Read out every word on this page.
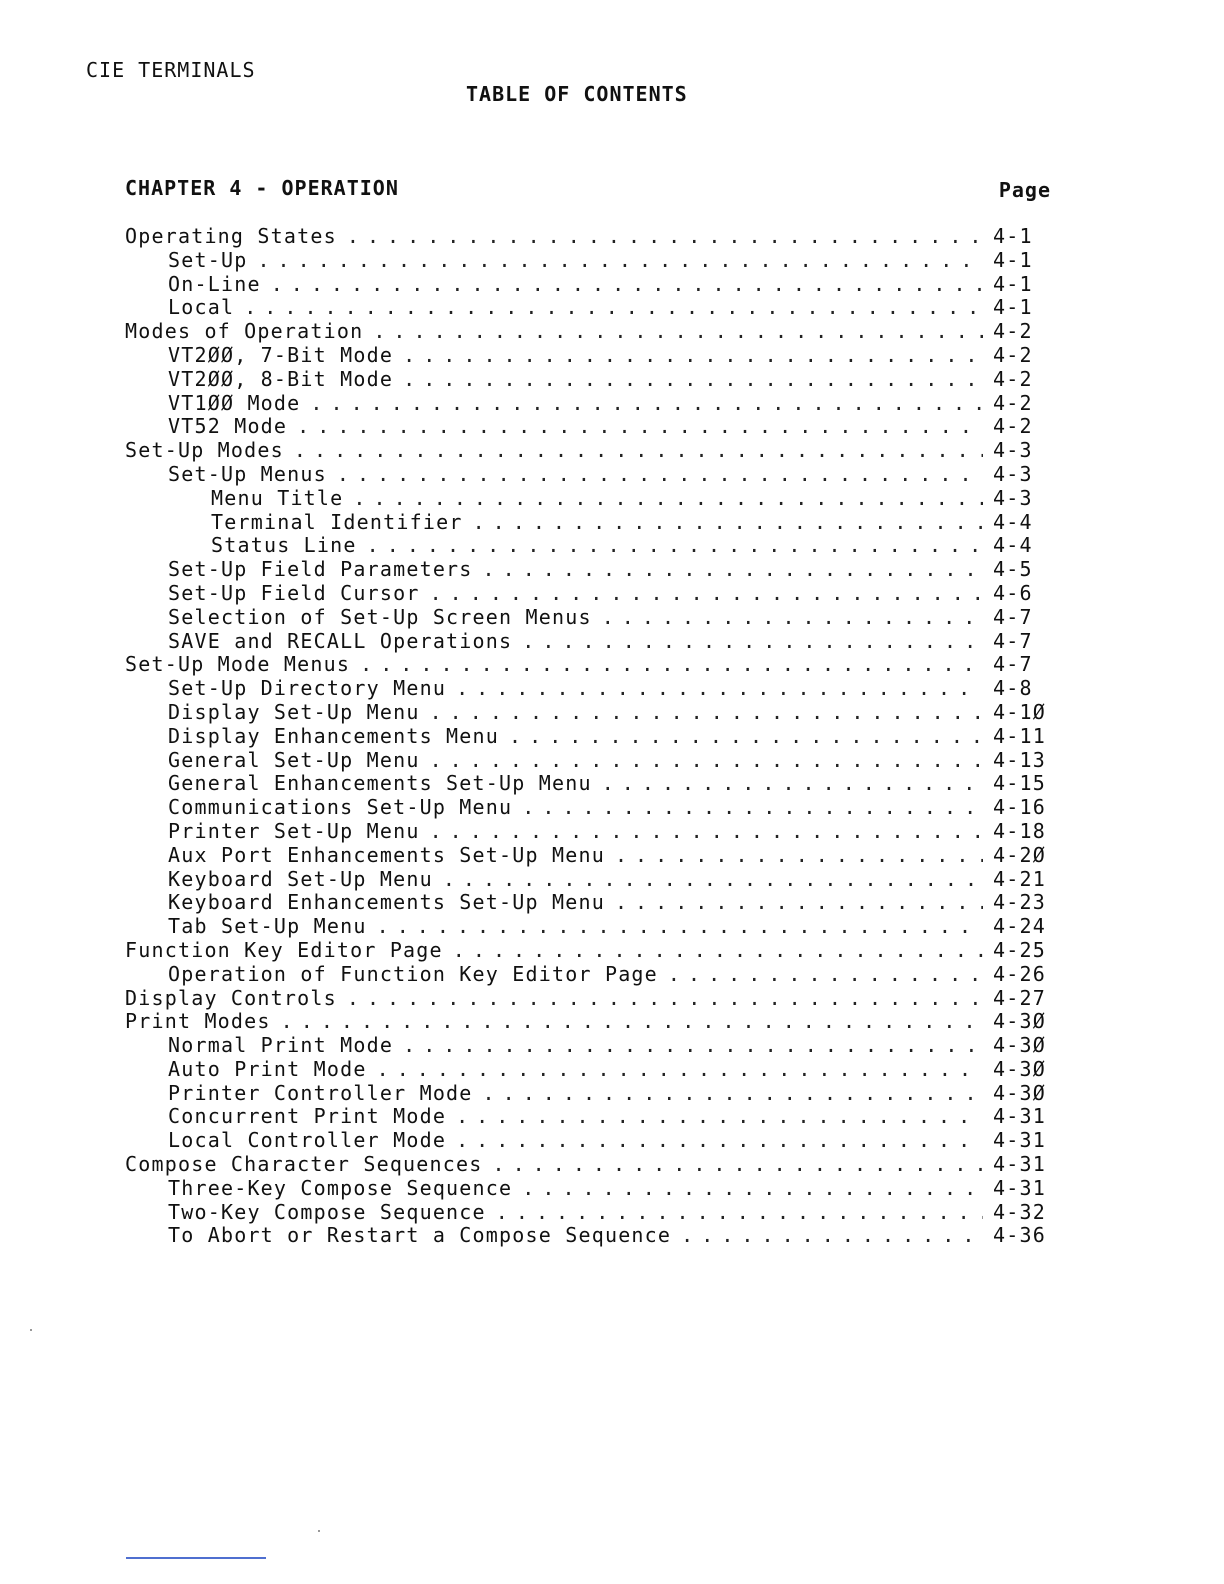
CIE TERMINALS
TABLE OF CONTENTS
CHAPTER 4 - OPERATION	Page
Operating States . . .	4-1
Set-Up . . .	4-1
On-Line . . .	4-1
Local . . .	4-1
Modes of Operation . . .	4-2
VT2ØØ, 7-Bit Mode . . .	4-2
VT2ØØ, 8-Bit Mode . . .	4-2
VT1ØØ Mode . . .	4-2
VT52 Mode . . .	4-2
Set-Up Modes . . .	4-3
Set-Up Menus . . .	4-3
Menu Title . . .	4-3
Terminal Identifier . . .	4-4
Status Line . . .	4-4
Set-Up Field Parameters . . .	4-5
Set-Up Field Cursor . . .	4-6
Selection of Set-Up Screen Menus . . .	4-7
SAVE and RECALL Operations . . .	4-7
Set-Up Mode Menus . . .	4-7
Set-Up Directory Menu . . .	4-8
Display Set-Up Menu . . .	4-1Ø
Display Enhancements Menu . . .	4-11
General Set-Up Menu . . .	4-13
General Enhancements Set-Up Menu . . .	4-15
Communications Set-Up Menu . . .	4-16
Printer Set-Up Menu . . .	4-18
Aux Port Enhancements Set-Up Menu . . .	4-2Ø
Keyboard Set-Up Menu . . .	4-21
Keyboard Enhancements Set-Up Menu . . .	4-23
Tab Set-Up Menu . . .	4-24
Function Key Editor Page . . .	4-25
Operation of Function Key Editor Page . . .	4-26
Display Controls . . .	4-27
Print Modes . . .	4-3Ø
Normal Print Mode . . .	4-3Ø
Auto Print Mode . . .	4-3Ø
Printer Controller Mode . . .	4-3Ø
Concurrent Print Mode . . .	4-31
Local Controller Mode . . .	4-31
Compose Character Sequences . . .	4-31
Three-Key Compose Sequence . . .	4-31
Two-Key Compose Sequence . . .	4-32
To Abort or Restart a Compose Sequence . . .	4-36
